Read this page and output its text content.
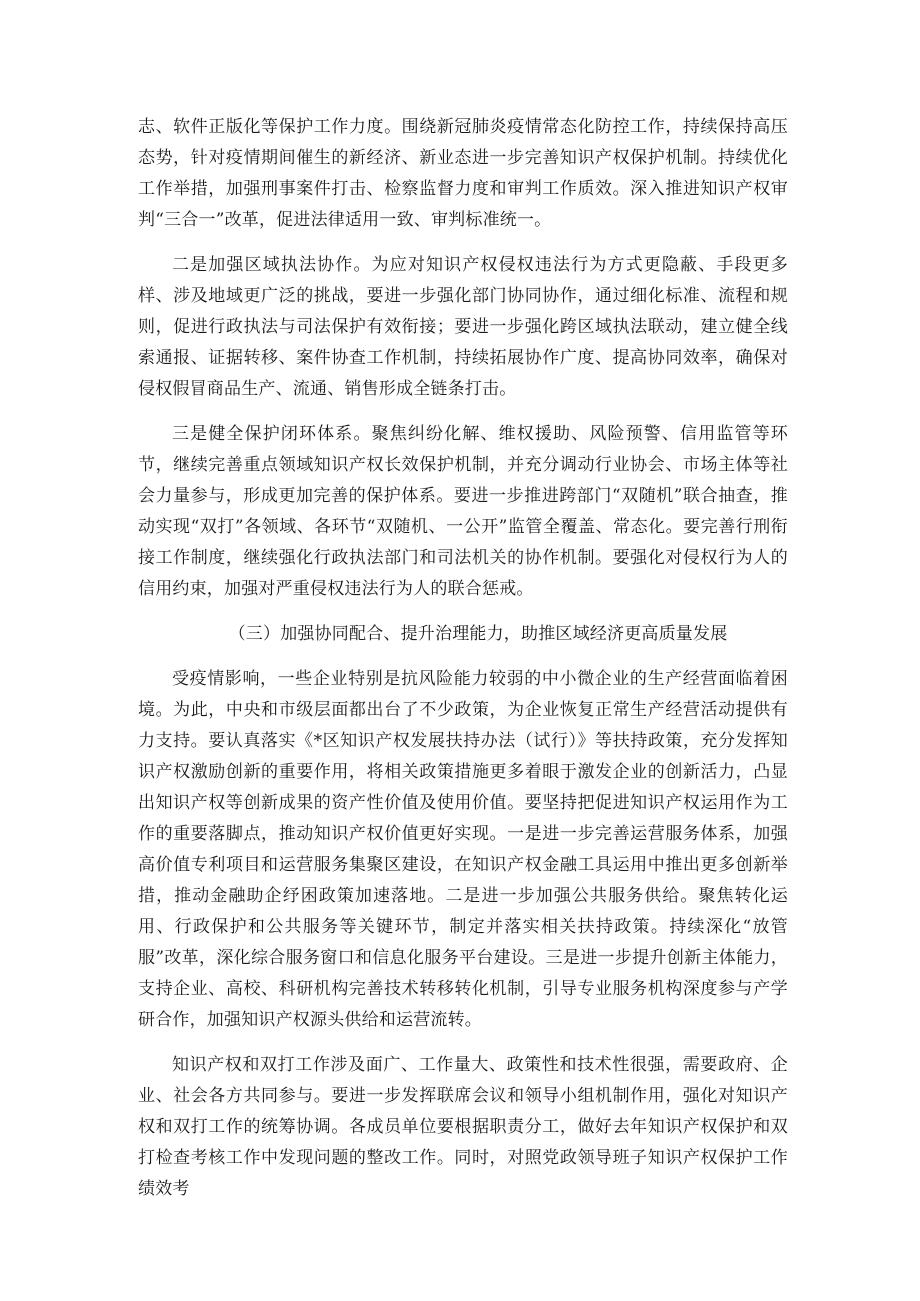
志、软件正版化等保护工作力度。围绕新冠肺炎疫情常态化防控工作，持续保持高压态势，针对疫情期间催生的新经济、新业态进一步完善知识产权保护机制。持续优化工作举措，加强刑事案件打击、检察监督力度和审判工作质效。深入推进知识产权审判“三合一”改革，促进法律适用一致、审判标准统一。

二是加强区域执法协作。为应对知识产权侵权违法行为方式更隐蔽、手段更多样、涉及地域更广泛的挑战，要进一步强化部门协同协作，通过细化标准、流程和规则，促进行政执法与司法保护有效衔接；要进一步强化跨区域执法联动，建立健全线索通报、证据转移、案件协查工作机制，持续拓展协作广度、提高协同效率，确保对侵权假冒商品生产、流通、销售形成全链条打击。

三是健全保护闭环体系。聚焦纠纷化解、维权援助、风险预警、信用监管等环节，继续完善重点领域知识产权长效保护机制，并充分调动行业协会、市场主体等社会力量参与，形成更加完善的保护体系。要进一步推进跨部门“双随机”联合抽查，推动实现“双打”各领域、各环节“双随机、一公开”监管全覆盖、常态化。要完善行刑衔接工作制度，继续强化行政执法部门和司法机关的协作机制。要强化对侵权行为人的信用约束，加强对严重侵权违法行为人的联合惩戒。

（三）加强协同配合、提升治理能力，助推区域经济更高质量发展

受疫情影响，一些企业特别是抗风险能力较弱的中小微企业的生产经营面临着困境。为此，中央和市级层面都出台了不少政策，为企业恢复正常生产经营活动提供有力支持。要认真落实《*区知识产权发展扶持办法（试行）》等扶持政策，充分发挥知识产权激励创新的重要作用，将相关政策措施更多着眼于激发企业的创新活力，凸显出知识产权等创新成果的资产性价值及使用价值。要坚持把促进知识产权运用作为工作的重要落脚点，推动知识产权价值更好实现。一是进一步完善运营服务体系，加强高价值专利项目和运营服务集聚区建设，在知识产权金融工具运用中推出更多创新举措，推动金融助企纾困政策加速落地。二是进一步加强公共服务供给。聚焦转化运用、行政保护和公共服务等关键环节，制定并落实相关扶持政策。持续深化“放管服”改革，深化综合服务窗口和信息化服务平台建设。三是进一步提升创新主体能力，支持企业、高校、科研机构完善技术转移转化机制，引导专业服务机构深度参与产学研合作，加强知识产权源头供给和运营流转。

知识产权和双打工作涉及面广、工作量大、政策性和技术性很强，需要政府、企业、社会各方共同参与。要进一步发挥联席会议和领导小组机制作用，强化对知识产权和双打工作的统筹协调。各成员单位要根据职责分工，做好去年知识产权保护和双打检查考核工作中发现问题的整改工作。同时，对照党政领导班子知识产权保护工作绩效考
